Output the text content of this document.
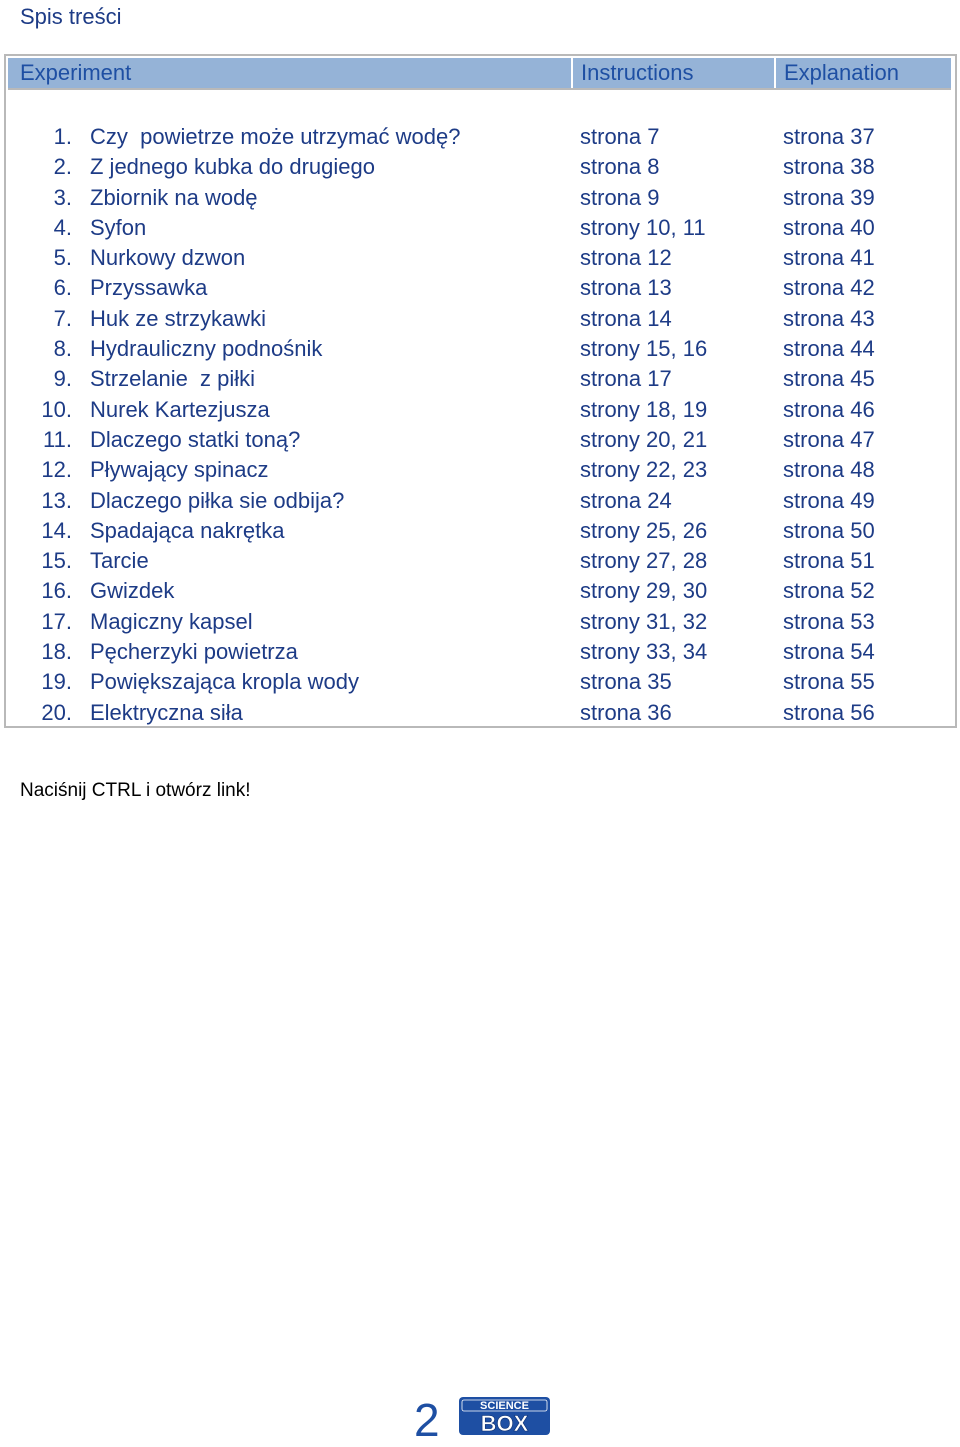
Spis treści
Experiment	Instructions	Explanation
1. Czy  powietrze może utrzymać wodę?	strona 7	strona 37
2. Z jednego kubka do drugiego	strona 8	strona 38
3. Zbiornik na wodę	strona 9	strona 39
4. Syfon	strony 10, 11	strona 40
5. Nurkowy dzwon	strona 12	strona 41
6. Przyssawka	strona 13	strona 42
7. Huk ze strzykawki	strona 14	strona 43
8. Hydrauliczny podnośnik	strony 15, 16	strona 44
9. Strzelanie  z piłki	strona 17	strona 45
10. Nurek Kartezjusza	strony 18, 19	strona 46
11. Dlaczego statki toną?	strony 20, 21	strona 47
12. Pływający spinacz	strony 22, 23	strona 48
13. Dlaczego piłka sie odbija?	strona 24	strona 49
14. Spadająca nakrętka	strony 25, 26	strona 50
15. Tarcie	strony 27, 28	strona 51
16. Gwizdek	strony 29, 30	strona 52
17. Magiczny kapsel	strony 31, 32	strona 53
18. Pęcherzyki powietrza	strony 33, 34	strona 54
19. Powiększająca kropla wody	strona 35	strona 55
20. Elektryczna siła	strona 36	strona 56
Naciśnij CTRL i otwórz link!
2	SCIENCE
BOX
